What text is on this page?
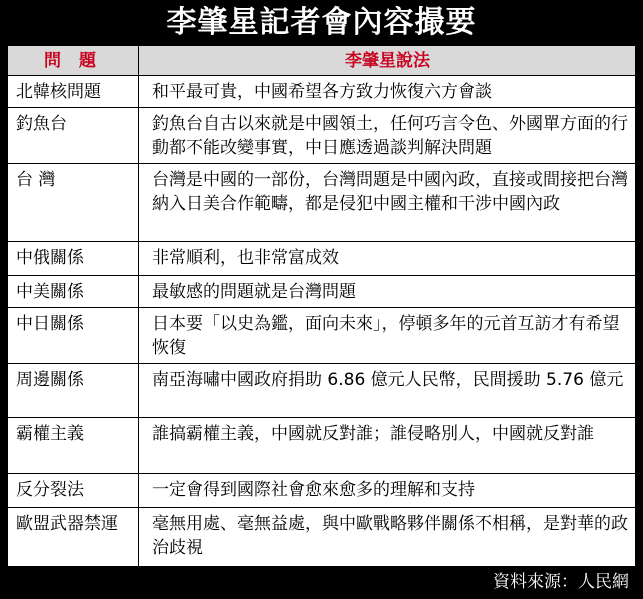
李肇星記者會內容撮要
問 題	李肇星說法
北韓核問題	和平最可貴，中國希望各方致力恢復六方會談
釣魚台	釣魚台自古以來就是中國領土，任何巧言令色、外國單方面的行動都不能改變事實，中日應透過談判解決問題
台 灣	台灣是中國的一部份，台灣問題是中國內政，直接或間接把台灣納入日美合作範疇，都是侵犯中國主權和干涉中國內政
中俄關係	非常順利，也非常富成效
中美關係	最敏感的問題就是台灣問題
中日關係	日本要「以史為鑑，面向未來」，停頓多年的元首互訪才有希望恢復
周邊關係	南亞海嘯中國政府捐助 6.86 億元人民幣，民間援助 5.76 億元
霸權主義	誰搞霸權主義，中國就反對誰；誰侵略別人，中國就反對誰
反分裂法	一定會得到國際社會愈來愈多的理解和支持
歐盟武器禁運	毫無用處、毫無益處，與中歐戰略夥伴關係不相稱，是對華的政治歧視
資料來源：人民網
